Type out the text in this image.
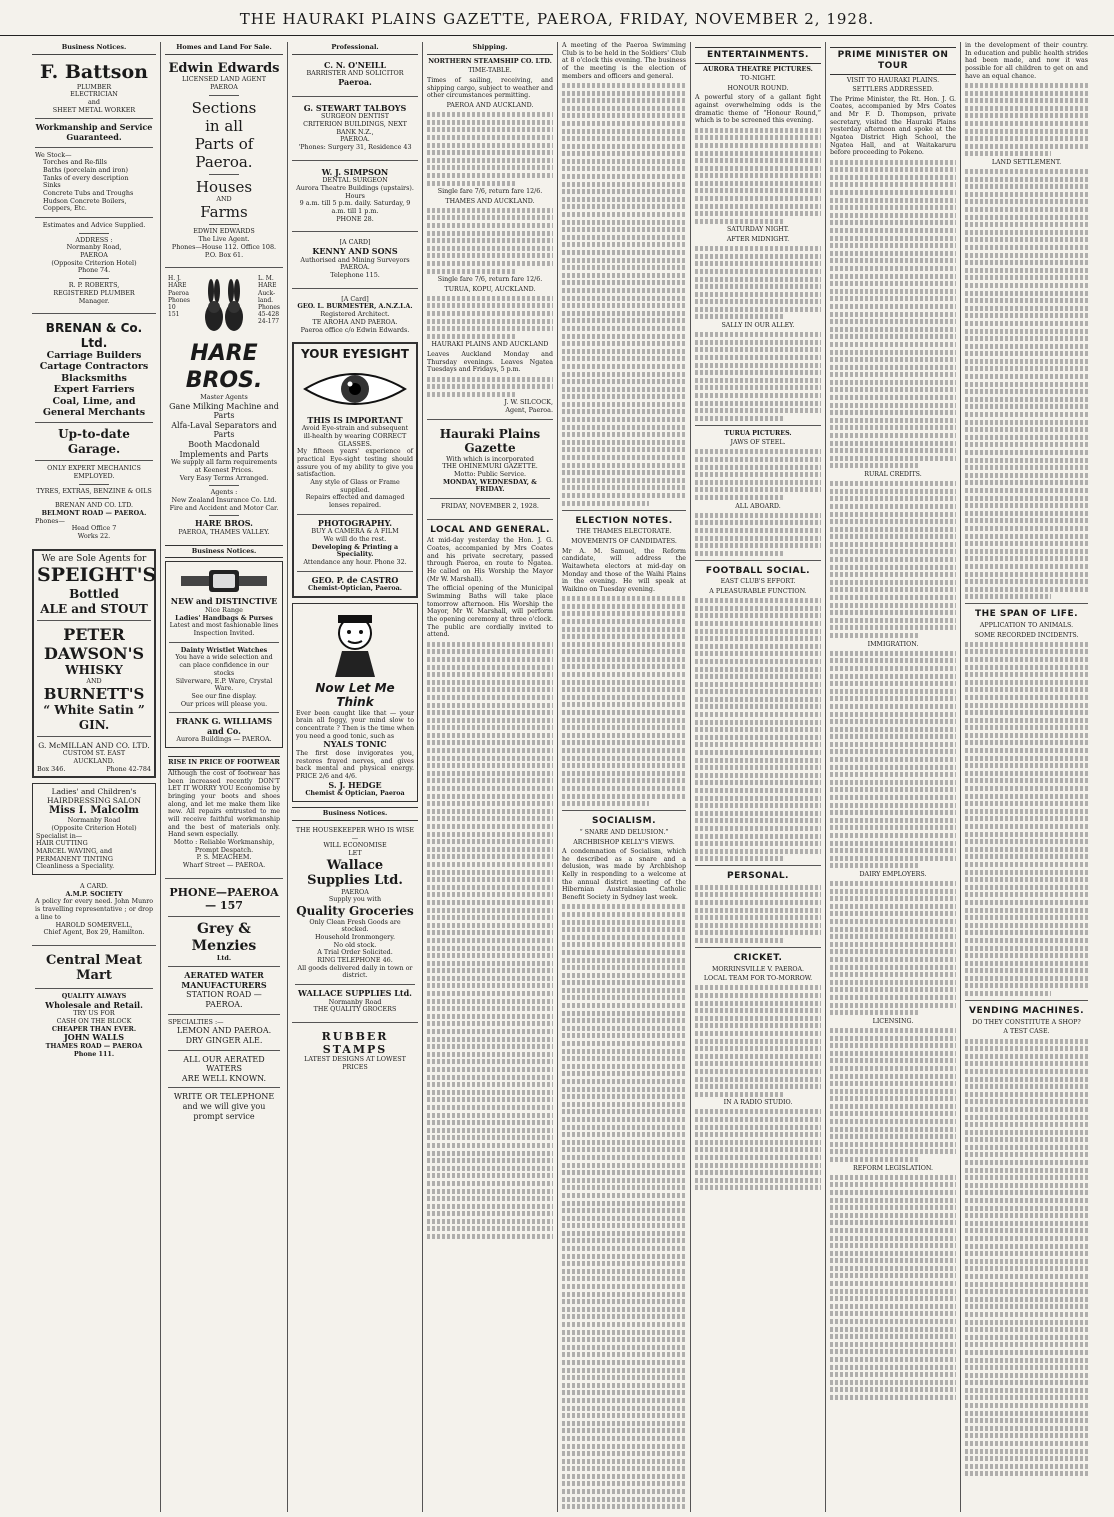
THE HAURAKI PLAINS GAZETTE, PAEROA, FRIDAY, NOVEMBER 2, 1928.
Business Notices.
F. Battson
PLUMBER
ELECTRICIAN
and
SHEET METAL WORKER
Workmanship and Service Guaranteed.
We Stock—
Torches and Re-fills
Baths (porcelain and iron)
Tanks of every description
Sinks
Concrete Tubs and Troughs
Hudson Concrete Boilers,
Coppers, Etc.
Estimates and Advice Supplied.
ADDRESS :
Normanby Road,
PAEROA
(Opposite Criterion Hotel)
Phone 74.
R. P. ROBERTS,
REGISTERED PLUMBER
Manager.
BRENAN & Co. Ltd.
Carriage Builders
Cartage Contractors
Blacksmiths
Expert Farriers
Coal, Lime, and
General Merchants
Up-to-date Garage.
ONLY EXPERT MECHANICS EMPLOYED.
TYRES, EXTRAS, BENZINE & OILS
BRENAN AND CO. LTD.
BELMONT ROAD — PAEROA.
Phones—
Head Office 7
Works 22.
We are Sole Agents for
SPEIGHT'S
Bottled
ALE and STOUT
PETER
DAWSON'S
WHISKY
AND
BURNETT'S
“ White Satin ”
GIN.
G. McMILLAN AND CO. LTD.
CUSTOM ST. EAST
AUCKLAND.
Box 346.	Phone 42-784
Ladies' and Children's HAIRDRESSING SALON
Miss I. Malcolm
Normanby Road
(Opposite Criterion Hotel)
Specialist in—
HAIR CUTTING
MARCEL WAVING, and
PERMANENT TINTING
Cleanliness a Speciality.
A CARD.
A.M.P. SOCIETY
A policy for every need. John Munro is travelling representative ; or drop a line to
HAROLD SOMERVELL,
Chief Agent, Box 29, Hamilton.
Central Meat Mart
QUALITY ALWAYS
Wholesale and Retail.
TRY US FOR
CASH ON THE BLOCK
CHEAPER THAN EVER.
JOHN WALLS
THAMES ROAD — PAEROA
Phone 111.
Homes and Land For Sale.
Edwin Edwards
LICENSED LAND AGENT
PAEROA
Sections
in all
Parts of Paeroa.
Houses
AND
Farms
EDWIN EDWARDS
The Live Agent.
Phones—House 112. Office 108.
P.O. Box 61.
H. J.
HARE
Paeroa
Phones
10
151
L. M.
HARE
Auck-
land.
Phones
45-428
24-177
HARE BROS.
Master Agents
Gane Milking Machine and Parts
Alfa-Laval Separators and Parts
Booth Macdonald Implements and Parts
We supply all farm requirements at Keenest Prices.
Very Easy Terms Arranged.
Agents :
New Zealand Insurance Co. Ltd. Fire and Accident and Motor Car.
HARE BROS.
PAEROA, THAMES VALLEY.
Business Notices.
NEW and DISTINCTIVE
Nice Range
Ladies' Handbags & Purses
Latest and most fashionable lines
Inspection Invited.
Dainty Wristlet Watches
You have a wide selection and can place confidence in our stocks
Silverware, E.P. Ware, Crystal Ware.
See our fine display.
Our prices will please you.
FRANK G. WILLIAMS and Co.
Aurora Buildings — PAEROA.
RISE IN PRICE OF FOOTWEAR
Although the cost of footwear has been increased recently DON'T LET IT WORRY YOU Economise by bringing your boots and shoes along, and let me make them like new. All repairs entrusted to me will receive faithful workmanship and the best of materials only. Hand sewn especially.
Motto : Reliable Workmanship, Prompt Despatch.
P. S. MEACHEM.
Wharf Street — PAEROA.
PHONE—PAEROA — 157
Grey & Menzies
Ltd.
AERATED WATER
MANUFACTURERS
STATION ROAD — PAEROA.
SPECIALTIES :—
LEMON AND PAEROA.
DRY GINGER ALE.
ALL OUR AERATED WATERS
ARE WELL KNOWN.
WRITE OR TELEPHONE
and we will give you prompt service
Professional.
C. N. O'NEILL
BARRISTER AND SOLICITOR
Paeroa.
G. STEWART TALBOYS
SURGEON DENTIST
CRITERION BUILDINGS, NEXT BANK N.Z.,
PAEROA.
'Phones: Surgery 31, Residence 43
W. J. SIMPSON
DENTAL SURGEON
Aurora Theatre Buildings (upstairs).
Hours
9 a.m. till 5 p.m. daily. Saturday, 9 a.m. till 1 p.m.
PHONE 28.
[A CARD]
KENNY AND SONS
Authorised and Mining Surveyors
PAEROA.
Telephone 115.
[A Card]
GEO. L. BURMESTER, A.N.Z.I.A.
Registered Architect.
TE AROHA AND PAEROA.
Paeroa office c/o Edwin Edwards.
YOUR EYESIGHT
THIS IS IMPORTANT
Avoid Eye-strain and subsequent ill-health by wearing CORRECT GLASSES.
My fifteen years' experience of practical Eye-sight testing should assure you of my ability to give you satisfaction.
Any style of Glass or Frame supplied.
Repairs effected and damaged lenses repaired.
PHOTOGRAPHY.
BUY A CAMERA & A FILM
We will do the rest.
Developing & Printing a Speciality.
Attendance any hour. Phone 32.
GEO. P. de CASTRO
Chemist-Optician, Paeroa.
Now Let Me Think
Ever been caught like that — your brain all foggy, your mind slow to concentrate ? Then is the time when you need a good tonic, such as
NYALS TONIC
The first dose invigorates you, restores frayed nerves, and gives back mental and physical energy. PRICE 2/6 and 4/6.
S. J. HEDGE
Chemist & Optician, Paeroa
Business Notices.
THE HOUSEKEEPER WHO IS WISE—
WILL ECONOMISE
LET
Wallace Supplies Ltd.
PAEROA
Supply you with
Quality Groceries
Only Clean Fresh Goods are stocked.
Household Ironmongery.
No old stock.
A Trial Order Solicited.
RING TELEPHONE 46.
All goods delivered daily in town or district.
WALLACE SUPPLIES Ltd.
Normanby Road
THE QUALITY GROCERS
RUBBER STAMPS
LATEST DESIGNS AT LOWEST
PRICES
Shipping.
NORTHERN STEAMSHIP CO. LTD.
TIME-TABLE.
Times of sailing, receiving, and shipping cargo, subject to weather and other circumstances permitting.
PAEROA AND AUCKLAND.
Single fare 7/6, return fare 12/6.
THAMES AND AUCKLAND.
Single fare 7/6, return fare 12/6.
TURUA, KOPU, AUCKLAND.
HAURAKI PLAINS AND AUCKLAND
Leaves Auckland Monday and Thursday evenings. Leaves Ngatea Tuesdays and Fridays, 5 p.m.
J. W. SILCOCK,
Agent, Paeroa.
Hauraki Plains Gazette
With which is incorporated
THE OHINEMURI GAZETTE.
Motto: Public Service.
MONDAY, WEDNESDAY, & FRIDAY.
FRIDAY, NOVEMBER 2, 1928.
LOCAL AND GENERAL.
At mid-day yesterday the Hon. J. G. Coates, accompanied by Mrs Coates and his private secretary, passed through Paeroa, en route to Ngatea. He called on His Worship the Mayor (Mr W. Marshall).
The official opening of the Municipal Swimming Baths will take place tomorrow afternoon. His Worship the Mayor, Mr W. Marshall, will perform the opening ceremony at three o'clock. The public are cordially invited to attend.
A meeting of the Paeroa Swimming Club is to be held in the Soldiers' Club at 8 o'clock this evening. The business of the meeting is the election of members and officers and general.
ELECTION NOTES.
THE THAMES ELECTORATE.
MOVEMENTS OF CANDIDATES.
Mr A. M. Samuel, the Reform candidate, will address the Waitawheta electors at mid-day on Monday and those of the Waihi Plains in the evening. He will speak at Waikino on Tuesday evening.
SOCIALISM.
“ SNARE AND DELUSION.”
ARCHBISHOP KELLY'S VIEWS.
A condemnation of Socialism, which he described as a snare and a delusion, was made by Archbishop Kelly in responding to a welcome at the annual district meeting of the Hibernian Australasian Catholic Benefit Society in Sydney last week.
ENTERTAINMENTS.
AURORA THEATRE PICTURES.
TO-NIGHT.
HONOUR ROUND.
A powerful story of a gallant fight against overwhelming odds is the dramatic theme of “Honour Round,” which is to be screened this evening.
SATURDAY NIGHT.
AFTER MIDNIGHT.
SALLY IN OUR ALLEY.
TURUA PICTURES.
JAWS OF STEEL.
ALL ABOARD.
FOOTBALL SOCIAL.
EAST CLUB'S EFFORT.
A PLEASURABLE FUNCTION.
PERSONAL.
CRICKET.
MORRINSVILLE V. PAEROA.
LOCAL TEAM FOR TO-MORROW.
IN A RADIO STUDIO.
PRIME MINISTER ON TOUR
VISIT TO HAURAKI PLAINS.
SETTLERS ADDRESSED.
The Prime Minister, the Rt. Hon. J. G. Coates, accompanied by Mrs Coates and Mr F. D. Thompson, private secretary, visited the Hauraki Plains yesterday afternoon and spoke at the Ngatea District High School, the Ngatea Hall, and at Waitakaruru before proceeding to Pokeno.
RURAL CREDITS.
IMMIGRATION.
DAIRY EMPLOYERS.
LICENSING.
REFORM LEGISLATION.
in the development of their country. In education and public health strides had been made, and now it was possible for all children to get on and have an equal chance.
LAND SETTLEMENT.
THE SPAN OF LIFE.
APPLICATION TO ANIMALS.
SOME RECORDED INCIDENTS.
VENDING MACHINES.
DO THEY CONSTITUTE A SHOP?
A TEST CASE.
